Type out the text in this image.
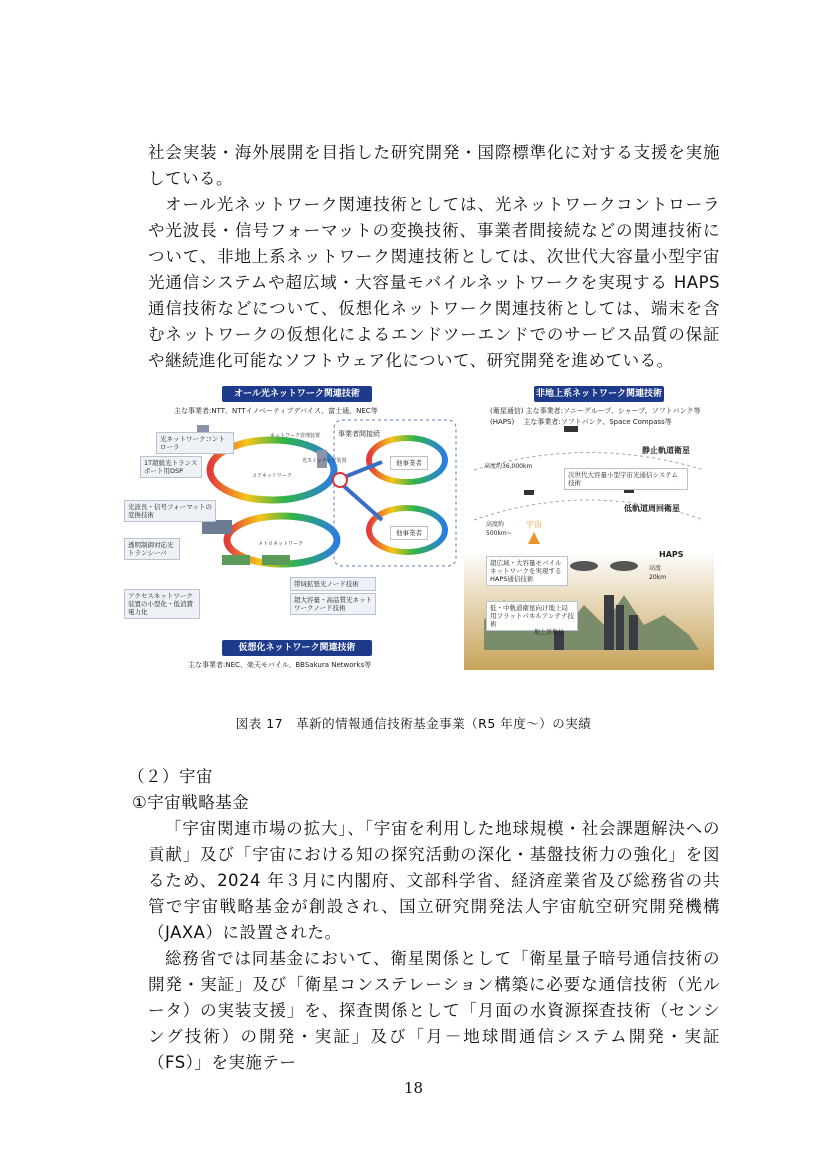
社会実装・海外展開を目指した研究開発・国際標準化に対する支援を実施している。

オール光ネットワーク関連技術としては、光ネットワークコントローラや光波長・信号フォーマットの変換技術、事業者間接続などの関連技術について、非地上系ネットワーク関連技術としては、次世代大容量小型宇宙光通信システムや超広域・大容量モバイルネットワークを実現する HAPS 通信技術などについて、仮想化ネットワーク関連技術としては、端末を含むネットワークの仮想化によるエンドツーエンドでのサービス品質の保証や継続進化可能なソフトウェア化について、研究開発を進めている。

オール光ネットワーク関連技術
主な事業者:NTT、NTTイノベーティブデバイス、富士通、NEC等
光ネットワークコントローラ
1T超級光トランスポート用DSP
光波長・信号フォーマットの変換技術
透明制御対応光トランシーバ
アクセスネットワーク装置の小型化・低消費電力化
事業者間接続
他事業者
他事業者
ネットワーク管理装置
コアネットワーク
メトロネットワーク
光スイッチング装置
帯域拡張光ノード技術
超大容量・高品質光ネットワークノード技術
仮想化ネットワーク関連技術
主な事業者:NEC、楽天モバイル、BBSakura Networks等
非地上系ネットワーク関連技術
(衛星通信) 主な事業者:ソニーグループ、シャープ、ソフトバンク等
(HAPS)　 主な事業者:ソフトバンク、Space Compass等
静止軌道衛星
高度約36,000km
次世代大容量小型宇宙光通信システム技術
低軌道周回衛星
高度約
500km~
宇宙
超広域・大容量モバイルネットワークを実現するHAPS通信技術
HAPS
高度
20km
低・中軌道衛星向け地上局用フラットパネルアンテナ技術
地上基地局
図表 17　革新的情報通信技術基金事業（R5 年度～）の実績
（２）宇宙
①宇宙戦略基金

「宇宙関連市場の拡大」、「宇宙を利用した地球規模・社会課題解決への貢献」及び「宇宙における知の探究活動の深化・基盤技術力の強化」を図るため、2024 年３月に内閣府、文部科学省、経済産業省及び総務省の共管で宇宙戦略基金が創設され、国立研究開発法人宇宙航空研究開発機構（JAXA）に設置された。

総務省では同基金において、衛星関係として「衛星量子暗号通信技術の開発・実証」及び「衛星コンステレーション構築に必要な通信技術（光ルータ）の実装支援」を、探査関係として「月面の水資源探査技術（センシング技術）の開発・実証」及び「月－地球間通信システム開発・実証（FS）」を実施テー

18
